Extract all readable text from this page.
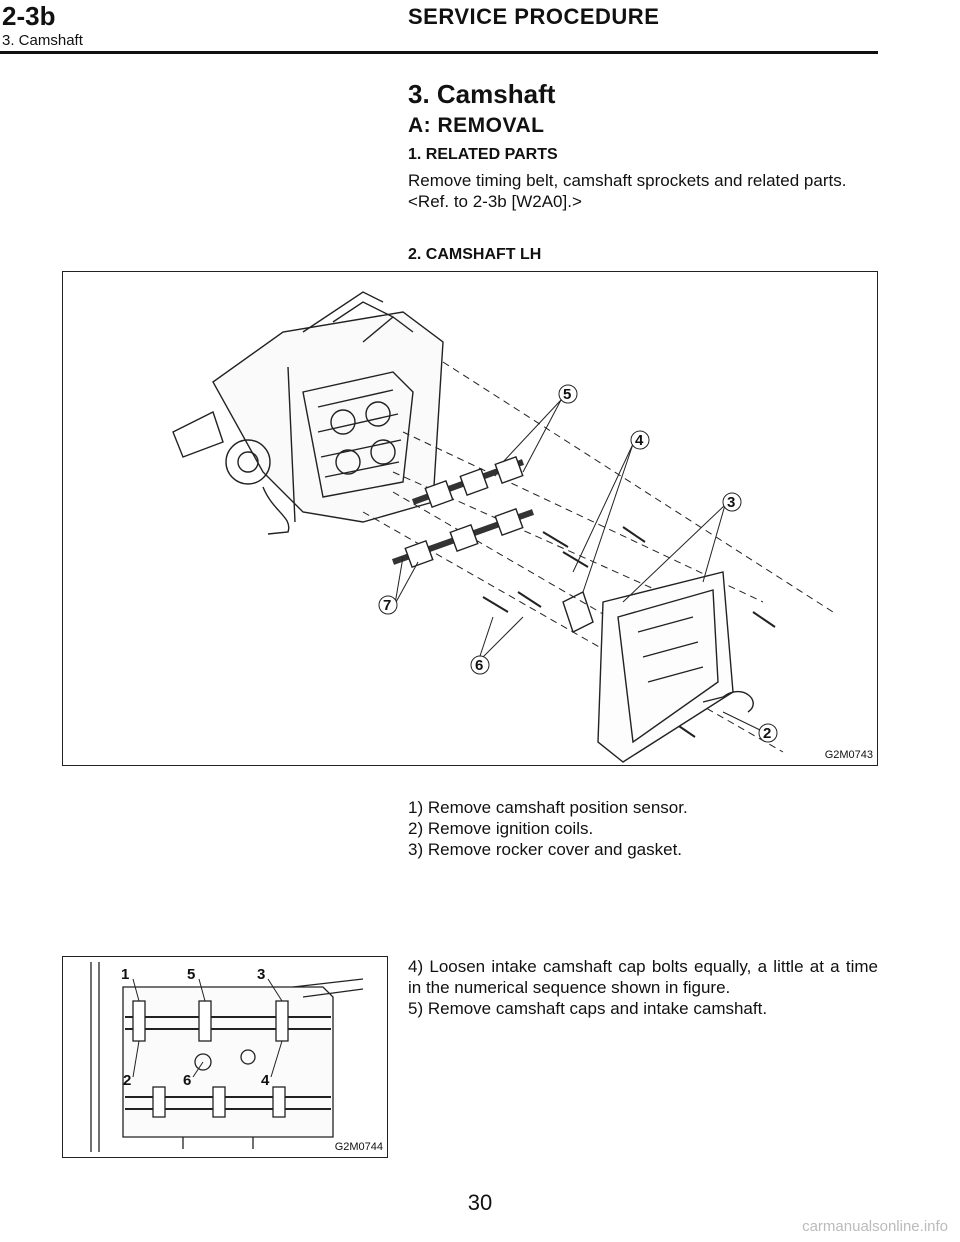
2-3b
3. Camshaft
SERVICE PROCEDURE
3. Camshaft
A: REMOVAL
1. RELATED PARTS
Remove timing belt, camshaft sprockets and related parts. <Ref. to 2-3b [W2A0].>
2. CAMSHAFT LH
5
4
3
7
6
2
G2M0743
1) Remove camshaft position sensor.
2) Remove ignition coils.
3) Remove rocker cover and gasket.
1	5	3
2	6	4
G2M0744
4) Loosen intake camshaft cap bolts equally, a little at a time in the numerical sequence shown in figure.
5) Remove camshaft caps and intake camshaft.
30
carmanualsonline.info
